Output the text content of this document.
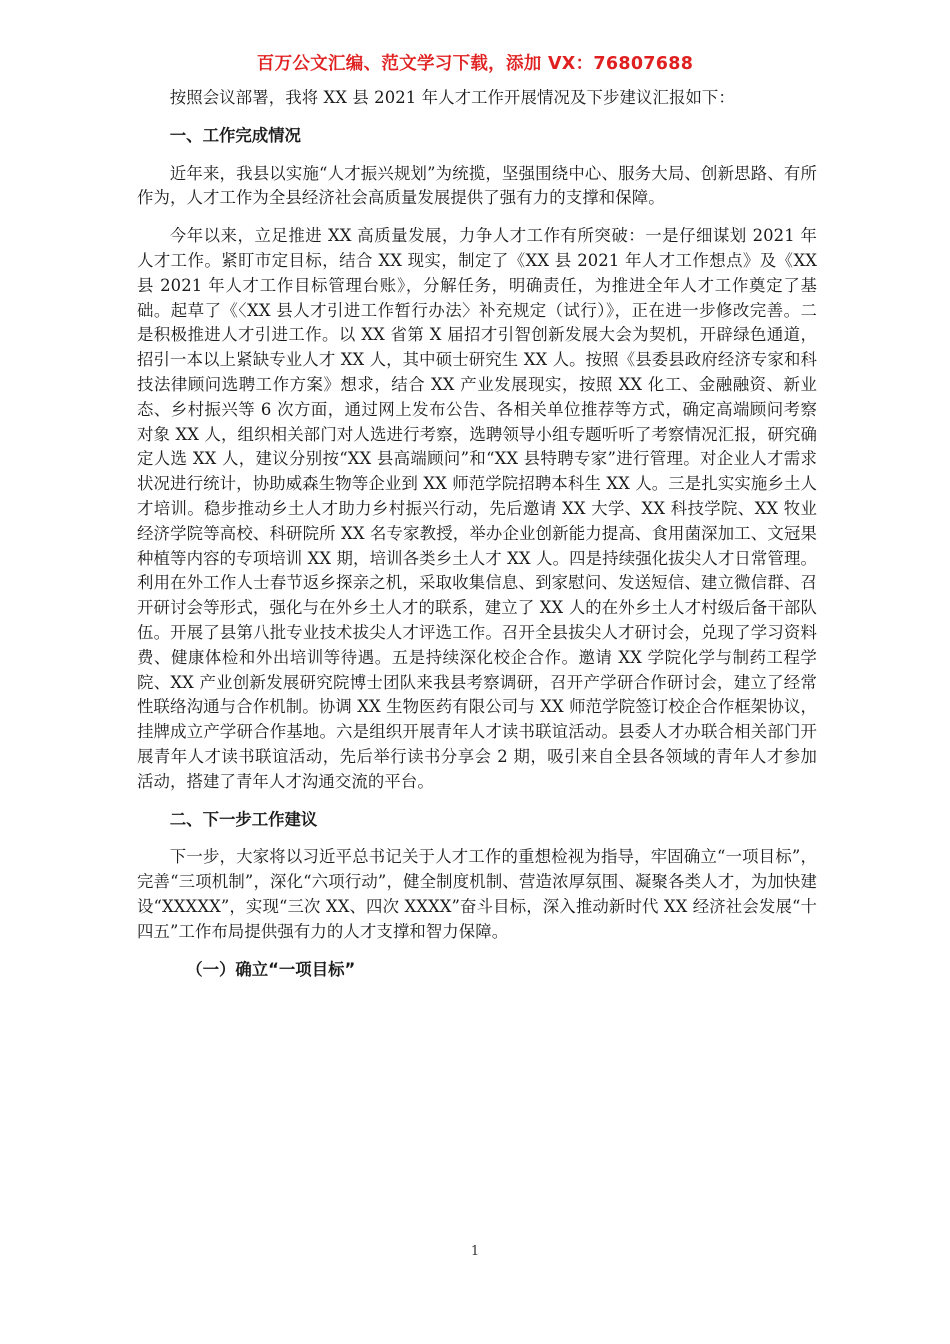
百万公文汇编、范文学习下载，添加 VX：76807688

按照会议部署，我将 XX 县 2021 年人才工作开展情况及下步建议汇报如下：

一、工作完成情况

近年来，我县以实施“人才振兴规划”为统揽，坚强围绕中心、服务大局、创新思路、有所作为，人才工作为全县经济社会高质量发展提供了强有力的支撑和保障。

今年以来，立足推进 XX 高质量发展，力争人才工作有所突破：一是仔细谋划 2021 年人才工作。紧盯市定目标，结合 XX 现实，制定了《XX 县 2021 年人才工作想点》及《XX 县 2021 年人才工作目标管理台账》，分解任务，明确责任，为推进全年人才工作奠定了基础。起草了《〈XX 县人才引进工作暂行办法〉补充规定（试行）》，正在进一步修改完善。二是积极推进人才引进工作。以 XX 省第 X 届招才引智创新发展大会为契机，开辟绿色通道，招引一本以上紧缺专业人才 XX 人，其中硕士研究生 XX 人。按照《县委县政府经济专家和科技法律顾问选聘工作方案》想求，结合 XX 产业发展现实，按照 XX 化工、金融融资、新业态、乡村振兴等 6 次方面，通过网上发布公告、各相关单位推荐等方式，确定高端顾问考察对象 XX 人，组织相关部门对人选进行考察，选聘领导小组专题听听了考察情况汇报，研究确定人选 XX 人，建议分别按“XX 县高端顾问”和“XX 县特聘专家”进行管理。对企业人才需求状况进行统计，协助威森生物等企业到 XX 师范学院招聘本科生 XX 人。三是扎实实施乡土人才培训。稳步推动乡土人才助力乡村振兴行动，先后邀请 XX 大学、XX 科技学院、XX 牧业经济学院等高校、科研院所 XX 名专家教授，举办企业创新能力提高、食用菌深加工、文冠果种植等内容的专项培训 XX 期，培训各类乡土人才 XX 人。四是持续强化拔尖人才日常管理。利用在外工作人士春节返乡探亲之机，采取收集信息、到家慰问、发送短信、建立微信群、召开研讨会等形式，强化与在外乡土人才的联系，建立了 XX 人的在外乡土人才村级后备干部队伍。开展了县第八批专业技术拔尖人才评选工作。召开全县拔尖人才研讨会，兑现了学习资料费、健康体检和外出培训等待遇。五是持续深化校企合作。邀请 XX 学院化学与制药工程学院、XX 产业创新发展研究院博士团队来我县考察调研，召开产学研合作研讨会，建立了经常性联络沟通与合作机制。协调 XX 生物医药有限公司与 XX 师范学院签订校企合作框架协议，挂牌成立产学研合作基地。六是组织开展青年人才读书联谊活动。县委人才办联合相关部门开展青年人才读书联谊活动，先后举行读书分享会 2 期，吸引来自全县各领域的青年人才参加活动，搭建了青年人才沟通交流的平台。

二、下一步工作建议

下一步，大家将以习近平总书记关于人才工作的重想检视为指导，牢固确立“一项目标”，完善“三项机制”，深化“六项行动”，健全制度机制、营造浓厚氛围、凝聚各类人才，为加快建设“XXXXX”，实现“三次 XX、四次 XXXX”奋斗目标，深入推动新时代 XX 经济社会发展“十四五”工作布局提供强有力的人才支撑和智力保障。

（一）确立“一项目标”

1
